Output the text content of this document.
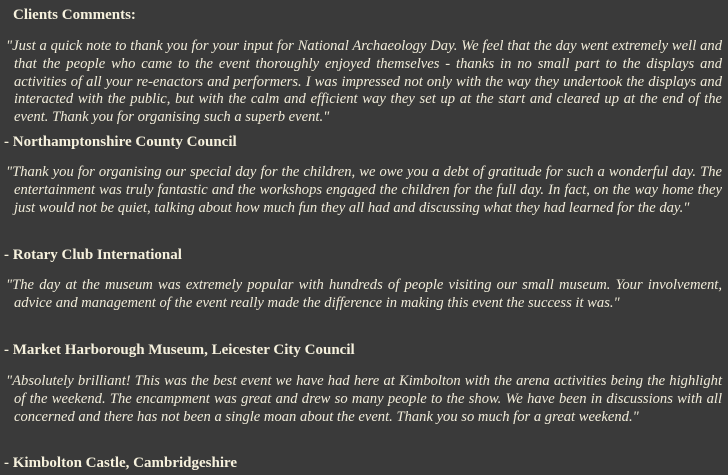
Clients Comments:

"Just a quick note to thank you for your input for National Archaeology Day. We feel that the day went extremely well and that the people who came to the event thoroughly enjoyed themselves - thanks in no small part to the displays and activities of all your re-enactors and performers. I was impressed not only with the way they undertook the displays and interacted with the public, but with the calm and efficient way they set up at the start and cleared up at the end of the event. Thank you for organising such a superb event."

- Northamptonshire County Council

"Thank you for organising our special day for the children, we owe you a debt of gratitude for such a wonderful day. The entertainment was truly fantastic and the workshops engaged the children for the full day. In fact, on the way home they just would not be quiet, talking about how much fun they all had and discussing what they had learned for the day."

- Rotary Club International

"The day at the museum was extremely popular with hundreds of people visiting our small museum. Your involvement, advice and management of the event really made the difference in making this event the success it was."

- Market Harborough Museum, Leicester City Council

"Absolutely brilliant! This was the best event we have had here at Kimbolton with the arena activities being the highlight of the weekend. The encampment was great and drew so many people to the show. We have been in discussions with all concerned and there has not been a single moan about the event. Thank you so much for a great weekend."

- Kimbolton Castle, Cambridgeshire
